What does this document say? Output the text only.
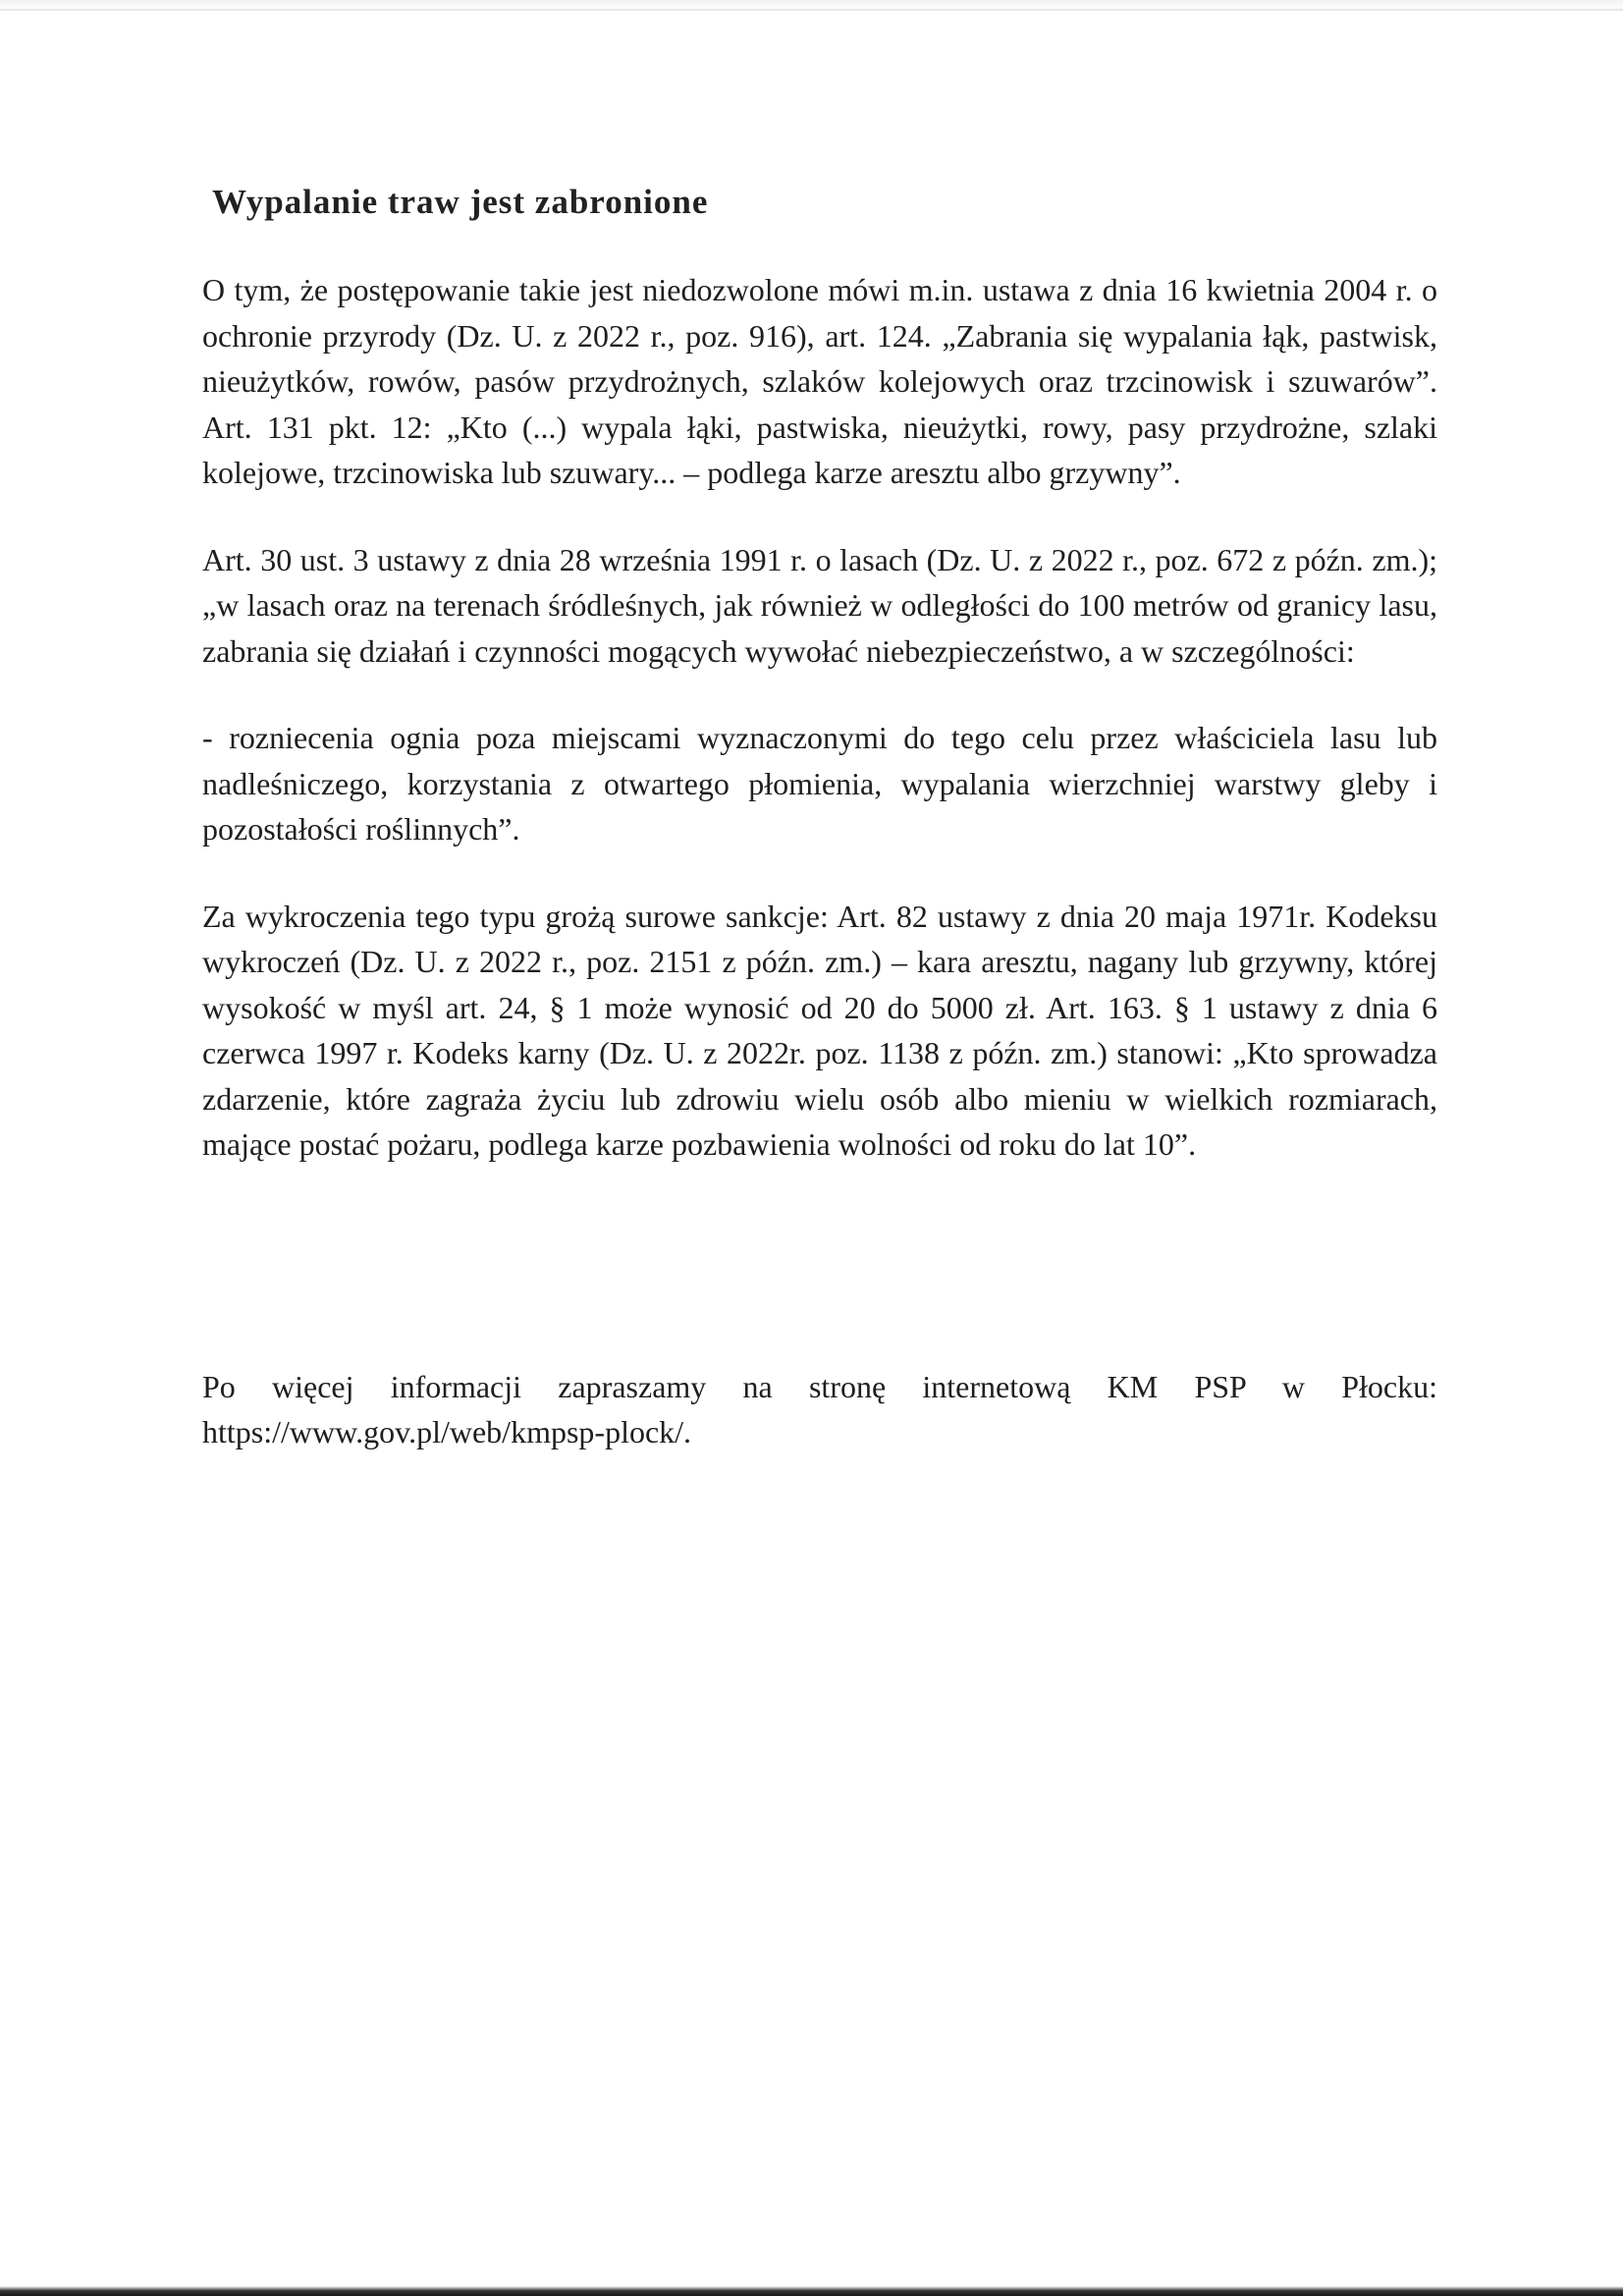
Wypalanie traw jest zabronione

O tym, że postępowanie takie jest niedozwolone mówi m.in. ustawa z dnia 16 kwietnia 2004 r. o ochronie przyrody (Dz. U. z 2022 r., poz. 916), art. 124. „Zabrania się wypalania łąk, pastwisk, nieużytków, rowów, pasów przydrożnych, szlaków kolejowych oraz trzcinowisk i szuwarów”. Art. 131 pkt. 12: „Kto (...) wypala łąki, pastwiska, nieużytki, rowy, pasy przydrożne, szlaki kolejowe, trzcinowiska lub szuwary... – podlega karze aresztu albo grzywny”.

Art. 30 ust. 3 ustawy z dnia 28 września 1991 r. o lasach (Dz. U. z 2022 r., poz. 672 z późn. zm.); „w lasach oraz na terenach śródleśnych, jak również w odległości do 100 metrów od granicy lasu, zabrania się działań i czynności mogących wywołać niebezpieczeństwo, a w szczególności:

- rozniecenia ognia poza miejscami wyznaczonymi do tego celu przez właściciela lasu lub nadleśniczego, korzystania z otwartego płomienia, wypalania wierzchniej warstwy gleby i pozostałości roślinnych”.

Za wykroczenia tego typu grożą surowe sankcje: Art. 82 ustawy z dnia 20 maja 1971r. Kodeksu wykroczeń (Dz. U. z 2022 r., poz. 2151 z późn. zm.) – kara aresztu, nagany lub grzywny, której wysokość w myśl art. 24, § 1 może wynosić od 20 do 5000 zł. Art. 163. § 1 ustawy z dnia 6 czerwca 1997 r. Kodeks karny (Dz. U. z 2022r. poz. 1138 z późn. zm.) stanowi: „Kto sprowadza zdarzenie, które zagraża życiu lub zdrowiu wielu osób albo mieniu w wielkich rozmiarach, mające postać pożaru, podlega karze pozbawienia wolności od roku do lat 10”.

Po więcej informacji zapraszamy na stronę internetową KM PSP w Płocku: https://www.gov.pl/web/kmpsp-plock/.
